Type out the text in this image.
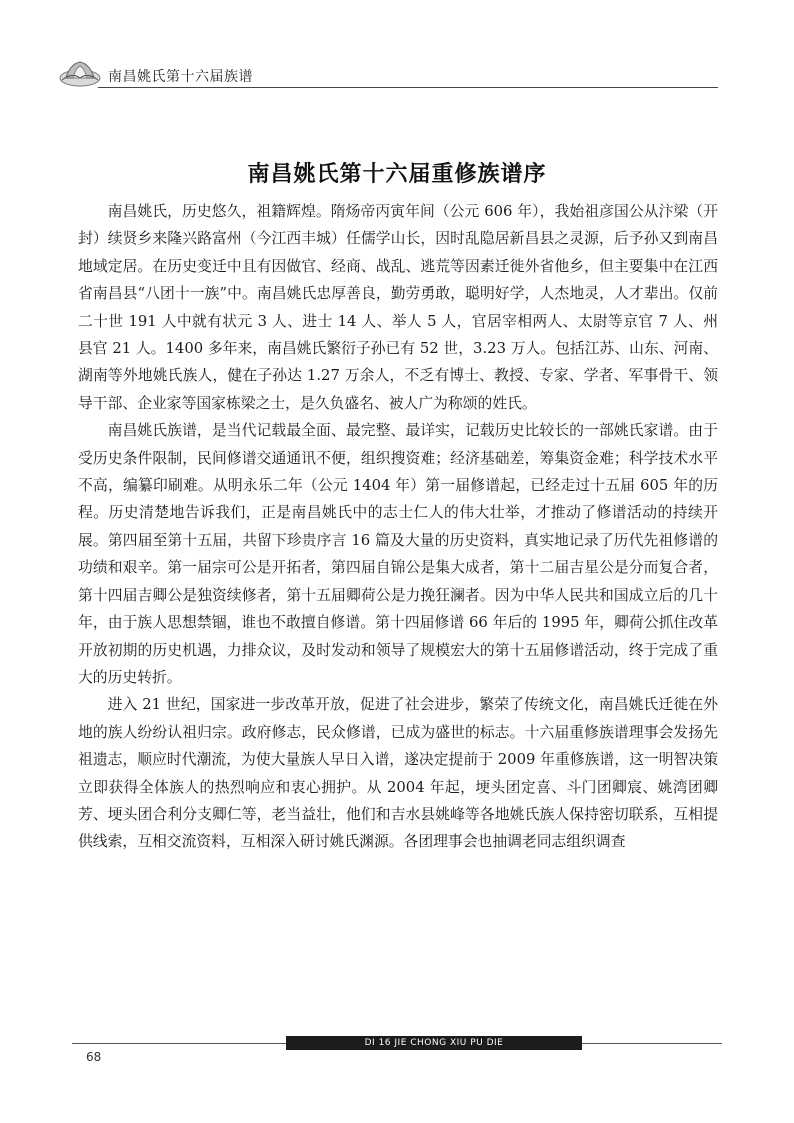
南昌姚氏第十六届族谱
南昌姚氏第十六届重修族谱序

南昌姚氏，历史悠久，祖籍辉煌。隋炀帝丙寅年间（公元 606 年），我始祖彦国公从汴梁（开封）续贤乡来隆兴路富州（今江西丰城）任儒学山长，因时乱隐居新昌县之灵源，后予孙又到南昌地域定居。在历史变迁中且有因做官、经商、战乱、逃荒等因素迁徙外省他乡，但主要集中在江西省南昌县“八团十一族”中。南昌姚氏忠厚善良，勤劳勇敢，聪明好学，人杰地灵，人才辈出。仅前二十世 191 人中就有状元 3 人、进士 14 人、举人 5 人，官居宰相两人、太尉等京官 7 人、州县官 21 人。1400 多年来，南昌姚氏繁衍子孙已有 52 世，3.23 万人。包括江苏、山东、河南、湖南等外地姚氏族人，健在子孙达 1.27 万余人，不乏有博士、教授、专家、学者、军事骨干、领导干部、企业家等国家栋梁之士，是久负盛名、被人广为称颂的姓氏。

南昌姚氏族谱，是当代记载最全面、最完整、最详实，记载历史比较长的一部姚氏家谱。由于受历史条件限制，民间修谱交通通讯不便，组织搜资难；经济基础差，筹集资金难；科学技术水平不高，编纂印刷难。从明永乐二年（公元 1404 年）第一届修谱起，已经走过十五届 605 年的历程。历史清楚地告诉我们，正是南昌姚氏中的志士仁人的伟大壮举，才推动了修谱活动的持续开展。第四届至第十五届，共留下珍贵序言 16 篇及大量的历史资料，真实地记录了历代先祖修谱的功绩和艰辛。第一届宗可公是开拓者，第四届自锦公是集大成者，第十二届吉星公是分而复合者，第十四届吉卿公是独资续修者，第十五届卿荷公是力挽狂澜者。因为中华人民共和国成立后的几十年，由于族人思想禁锢，谁也不敢擅自修谱。第十四届修谱 66 年后的 1995 年，卿荷公抓住改革开放初期的历史机遇，力排众议，及时发动和领导了规模宏大的第十五届修谱活动，终于完成了重大的历史转折。

进入 21 世纪，国家进一步改革开放，促进了社会进步，繁荣了传统文化，南昌姚氏迁徙在外地的族人纷纷认祖归宗。政府修志，民众修谱，已成为盛世的标志。十六届重修族谱理事会发扬先祖遗志，顺应时代潮流，为使大量族人早日入谱，遂决定提前于 2009 年重修族谱，这一明智决策立即获得全体族人的热烈响应和衷心拥护。从 2004 年起，埂头团定喜、斗门团卿宸、姚湾团卿芳、埂头团合利分支卿仁等，老当益壮，他们和吉水县姚峰等各地姚氏族人保持密切联系，互相提供线索，互相交流资料，互相深入研讨姚氏渊源。各团理事会也抽调老同志组织调查

DI 16 JIE CHONG XIU PU DIE
68
